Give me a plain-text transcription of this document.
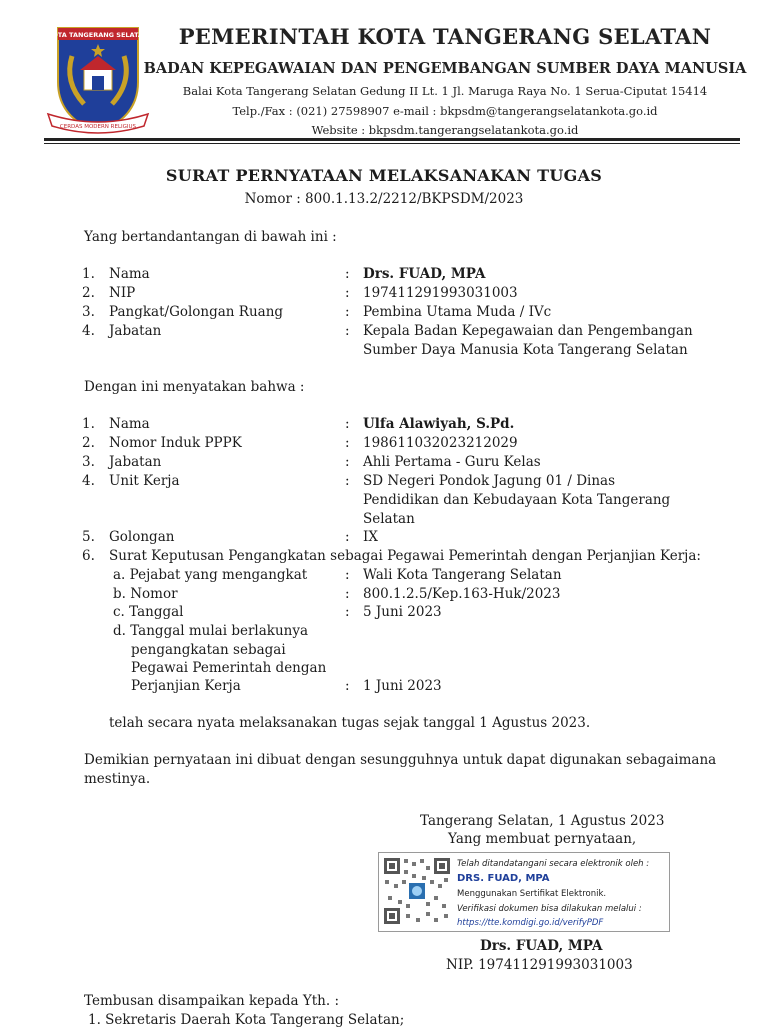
KOTA TANGERANG SELATAN
CERDAS MODERN RELIGIUS
PEMERINTAH KOTA TANGERANG SELATAN
BADAN KEPEGAWAIAN DAN PENGEMBANGAN SUMBER DAYA MANUSIA
Balai Kota Tangerang Selatan Gedung II Lt. 1 Jl. Maruga Raya No. 1 Serua-Ciputat 15414
Telp./Fax : (021) 27598907 e-mail : bkpsdm@tangerangselatankota.go.id
Website : bkpsdm.tangerangselatankota.go.id
SURAT PERNYATAAN MELAKSANAKAN TUGAS
Nomor : 800.1.13.2/2212/BKPSDM/2023
Yang bertandantangan di bawah ini :
1. Nama	: Drs. FUAD, MPA
2. NIP	: 197411291993031003
3. Pangkat/Golongan Ruang	: Pembina Utama Muda / IVc
4. Jabatan	: Kepala Badan Kepegawaian dan Pengembangan
Sumber Daya Manusia Kota Tangerang Selatan
Dengan ini menyatakan bahwa :
1. Nama	: Ulfa Alawiyah, S.Pd.
2. Nomor Induk PPPK	: 198611032023212029
3. Jabatan	: Ahli Pertama - Guru Kelas
4. Unit Kerja	: SD Negeri Pondok Jagung 01 / Dinas
Pendidikan dan Kebudayaan Kota Tangerang
Selatan
5. Golongan	: IX
6. Surat Keputusan Pengangkatan sebagai Pegawai Pemerintah dengan Perjanjian Kerja:
a. Pejabat yang mengangkat	: Wali Kota Tangerang Selatan
b. Nomor	: 800.1.2.5/Kep.163-Huk/2023
c. Tanggal	: 5 Juni 2023
d. Tanggal mulai berlakunya
pengangkatan sebagai
Pegawai Pemerintah dengan
Perjanjian Kerja	: 1 Juni 2023
telah secara nyata melaksanakan tugas sejak tanggal 1 Agustus 2023.
Demikian pernyataan ini dibuat dengan sesungguhnya untuk dapat digunakan sebagaimana
mestinya.
Tangerang Selatan, 1 Agustus 2023
Yang membuat pernyataan,
Telah ditandatangani secara elektronik oleh :
DRS. FUAD, MPA
Menggunakan Sertifikat Elektronik.
Verifikasi dokumen bisa dilakukan melalui :
https://tte.komdigi.go.id/verifyPDF
Drs. FUAD, MPA
NIP. 197411291993031003
Tembusan disampaikan kepada Yth. :
1. Sekretaris Daerah Kota Tangerang Selatan;
